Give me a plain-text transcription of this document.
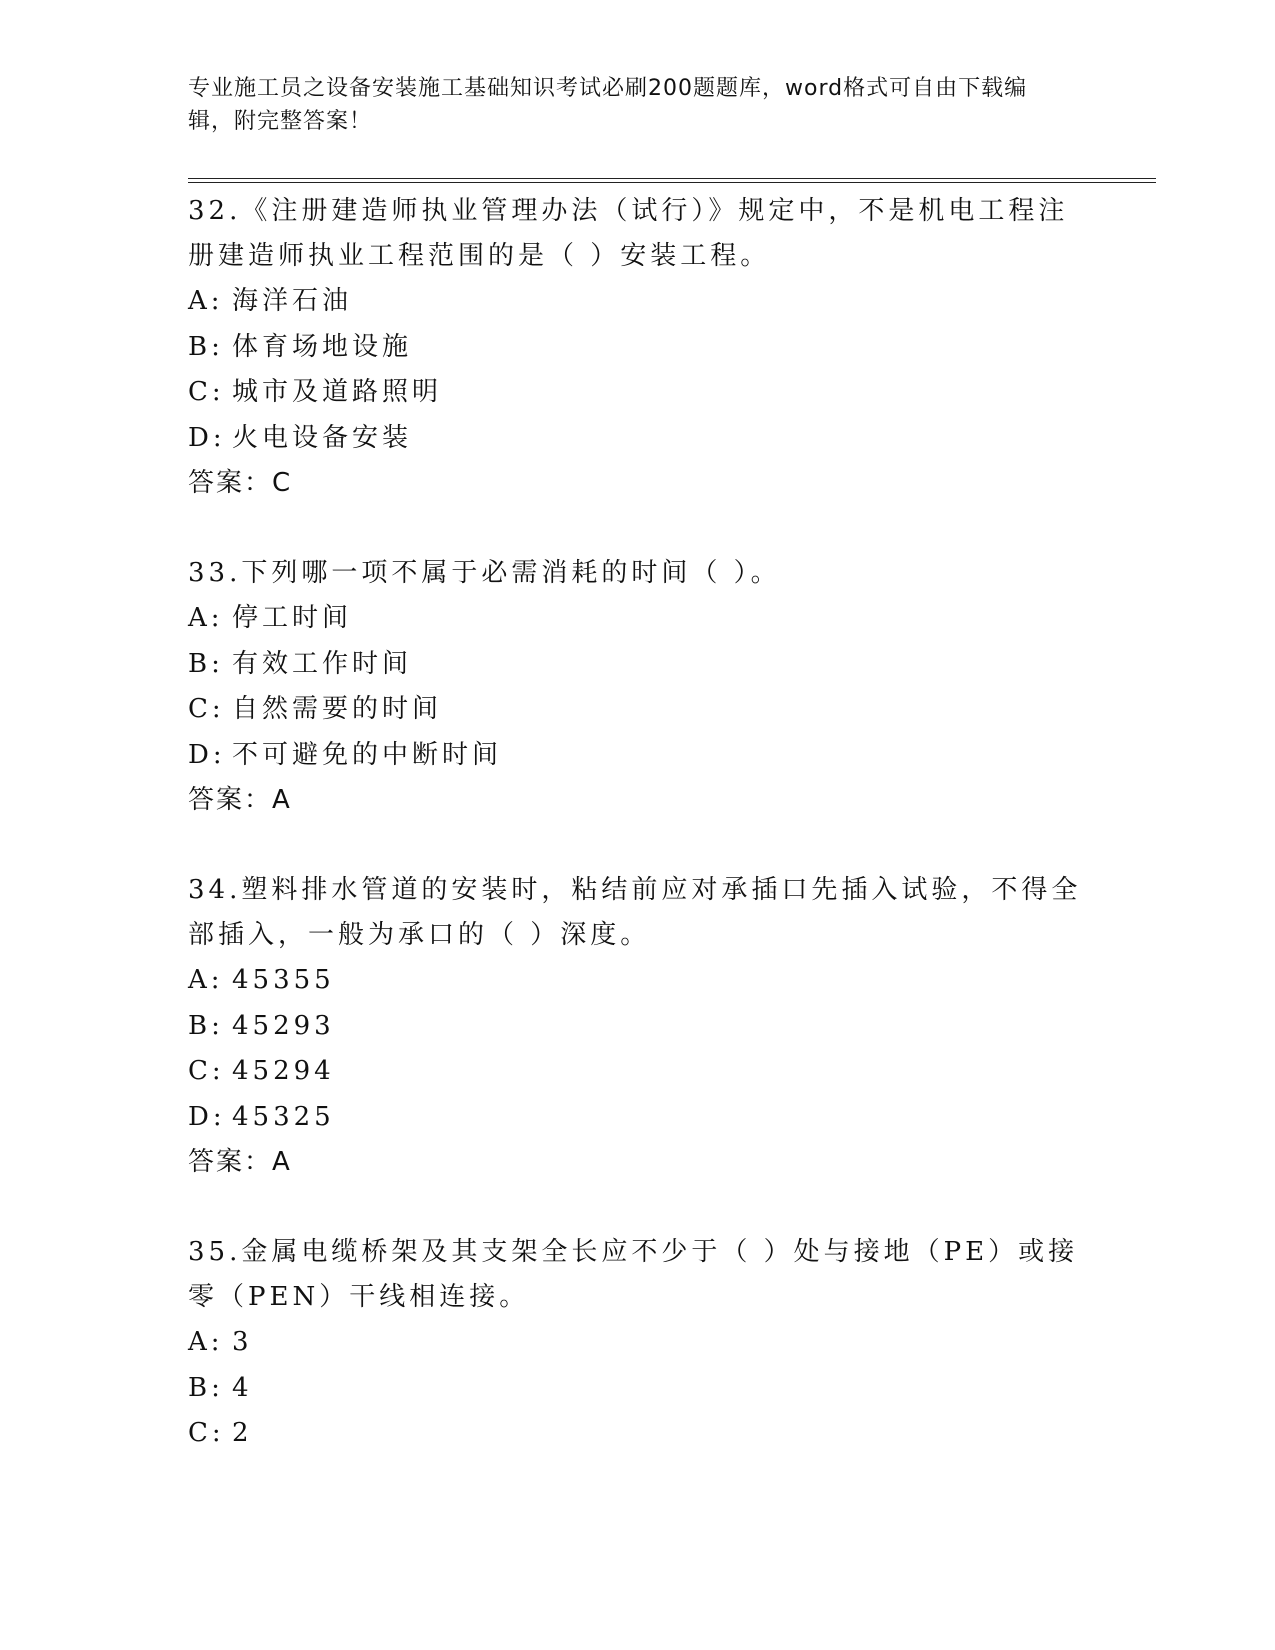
专业施工员之设备安装施工基础知识考试必刷200题题库，word格式可自由下载编辑，附完整答案！
32.《注册建造师执业管理办法（试行）》规定中，不是机电工程注册建造师执业工程范围的是（ ）安装工程。
A: 海洋石油
B: 体育场地设施
C: 城市及道路照明
D: 火电设备安装
答案：C
33.下列哪一项不属于必需消耗的时间（ ）。
A: 停工时间
B: 有效工作时间
C: 自然需要的时间
D: 不可避免的中断时间
答案：A
34.塑料排水管道的安装时，粘结前应对承插口先插入试验，不得全部插入，一般为承口的（ ）深度。
A: 45355
B: 45293
C: 45294
D: 45325
答案：A
35.金属电缆桥架及其支架全长应不少于（ ）处与接地（PE）或接零（PEN）干线相连接。
A: 3
B: 4
C: 2
